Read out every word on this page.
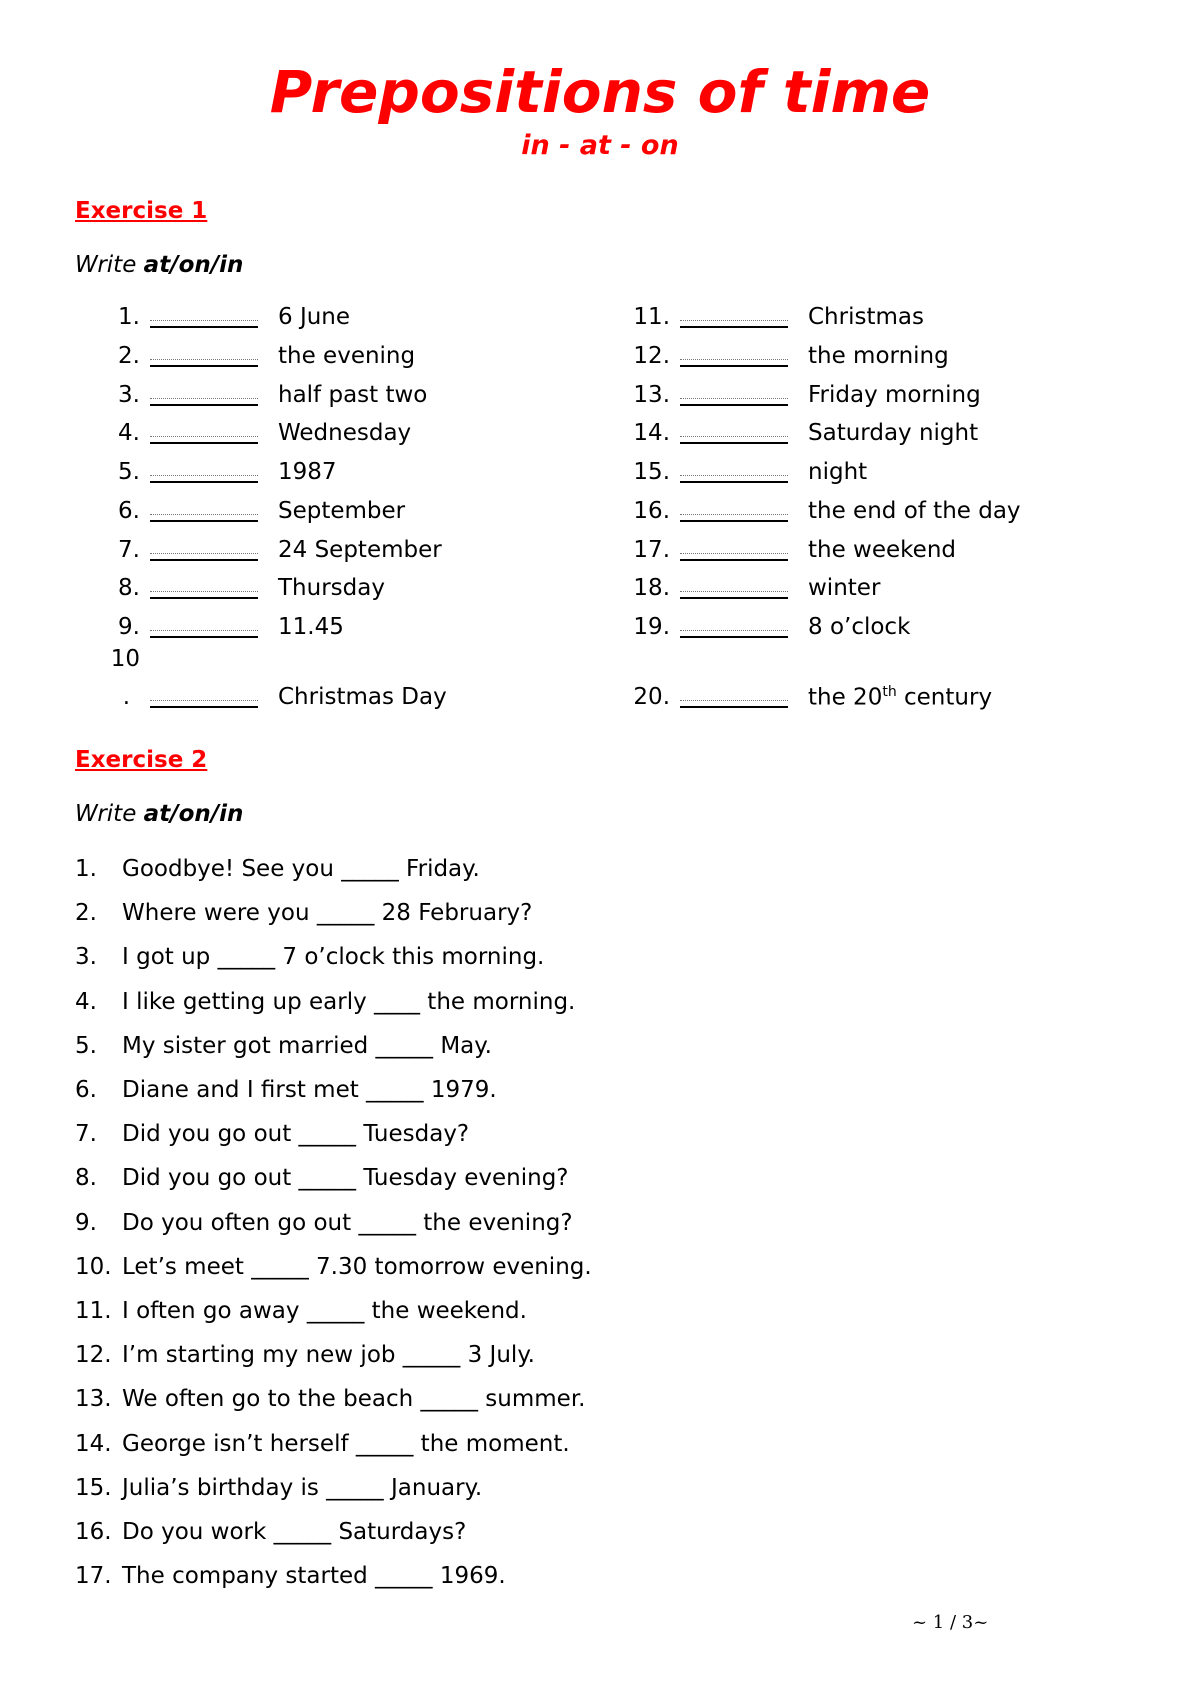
Prepositions of time
in - at - on
Exercise 1
Write at/on/in
1.	6 June
2.	the evening
3.	half past two
4.	Wednesday
5.	1987
6.	September
7.	24 September
8.	Thursday
9.	11.45
10
.	Christmas Day
11.	Christmas
12.	the morning
13.	Friday morning
14.	Saturday night
15.	night
16.	the end of the day
17.	the weekend
18.	winter
19.	8 o’clock
20.	the 20th century
Exercise 2
Write at/on/in
1. Goodbye! See you _____ Friday.
2. Where were you _____ 28 February?
3. I got up _____ 7 o’clock this morning.
4. I like getting up early ____ the morning.
5. My sister got married _____ May.
6. Diane and I first met _____ 1979.
7. Did you go out _____ Tuesday?
8. Did you go out _____ Tuesday evening?
9. Do you often go out _____ the evening?
10. Let’s meet _____ 7.30 tomorrow evening.
11. I often go away _____ the weekend.
12. I’m starting my new job _____ 3 July.
13. We often go to the beach _____ summer.
14. George isn’t herself _____ the moment.
15. Julia’s birthday is _____ January.
16. Do you work _____ Saturdays?
17. The company started _____ 1969.
~ 1 / 3~
